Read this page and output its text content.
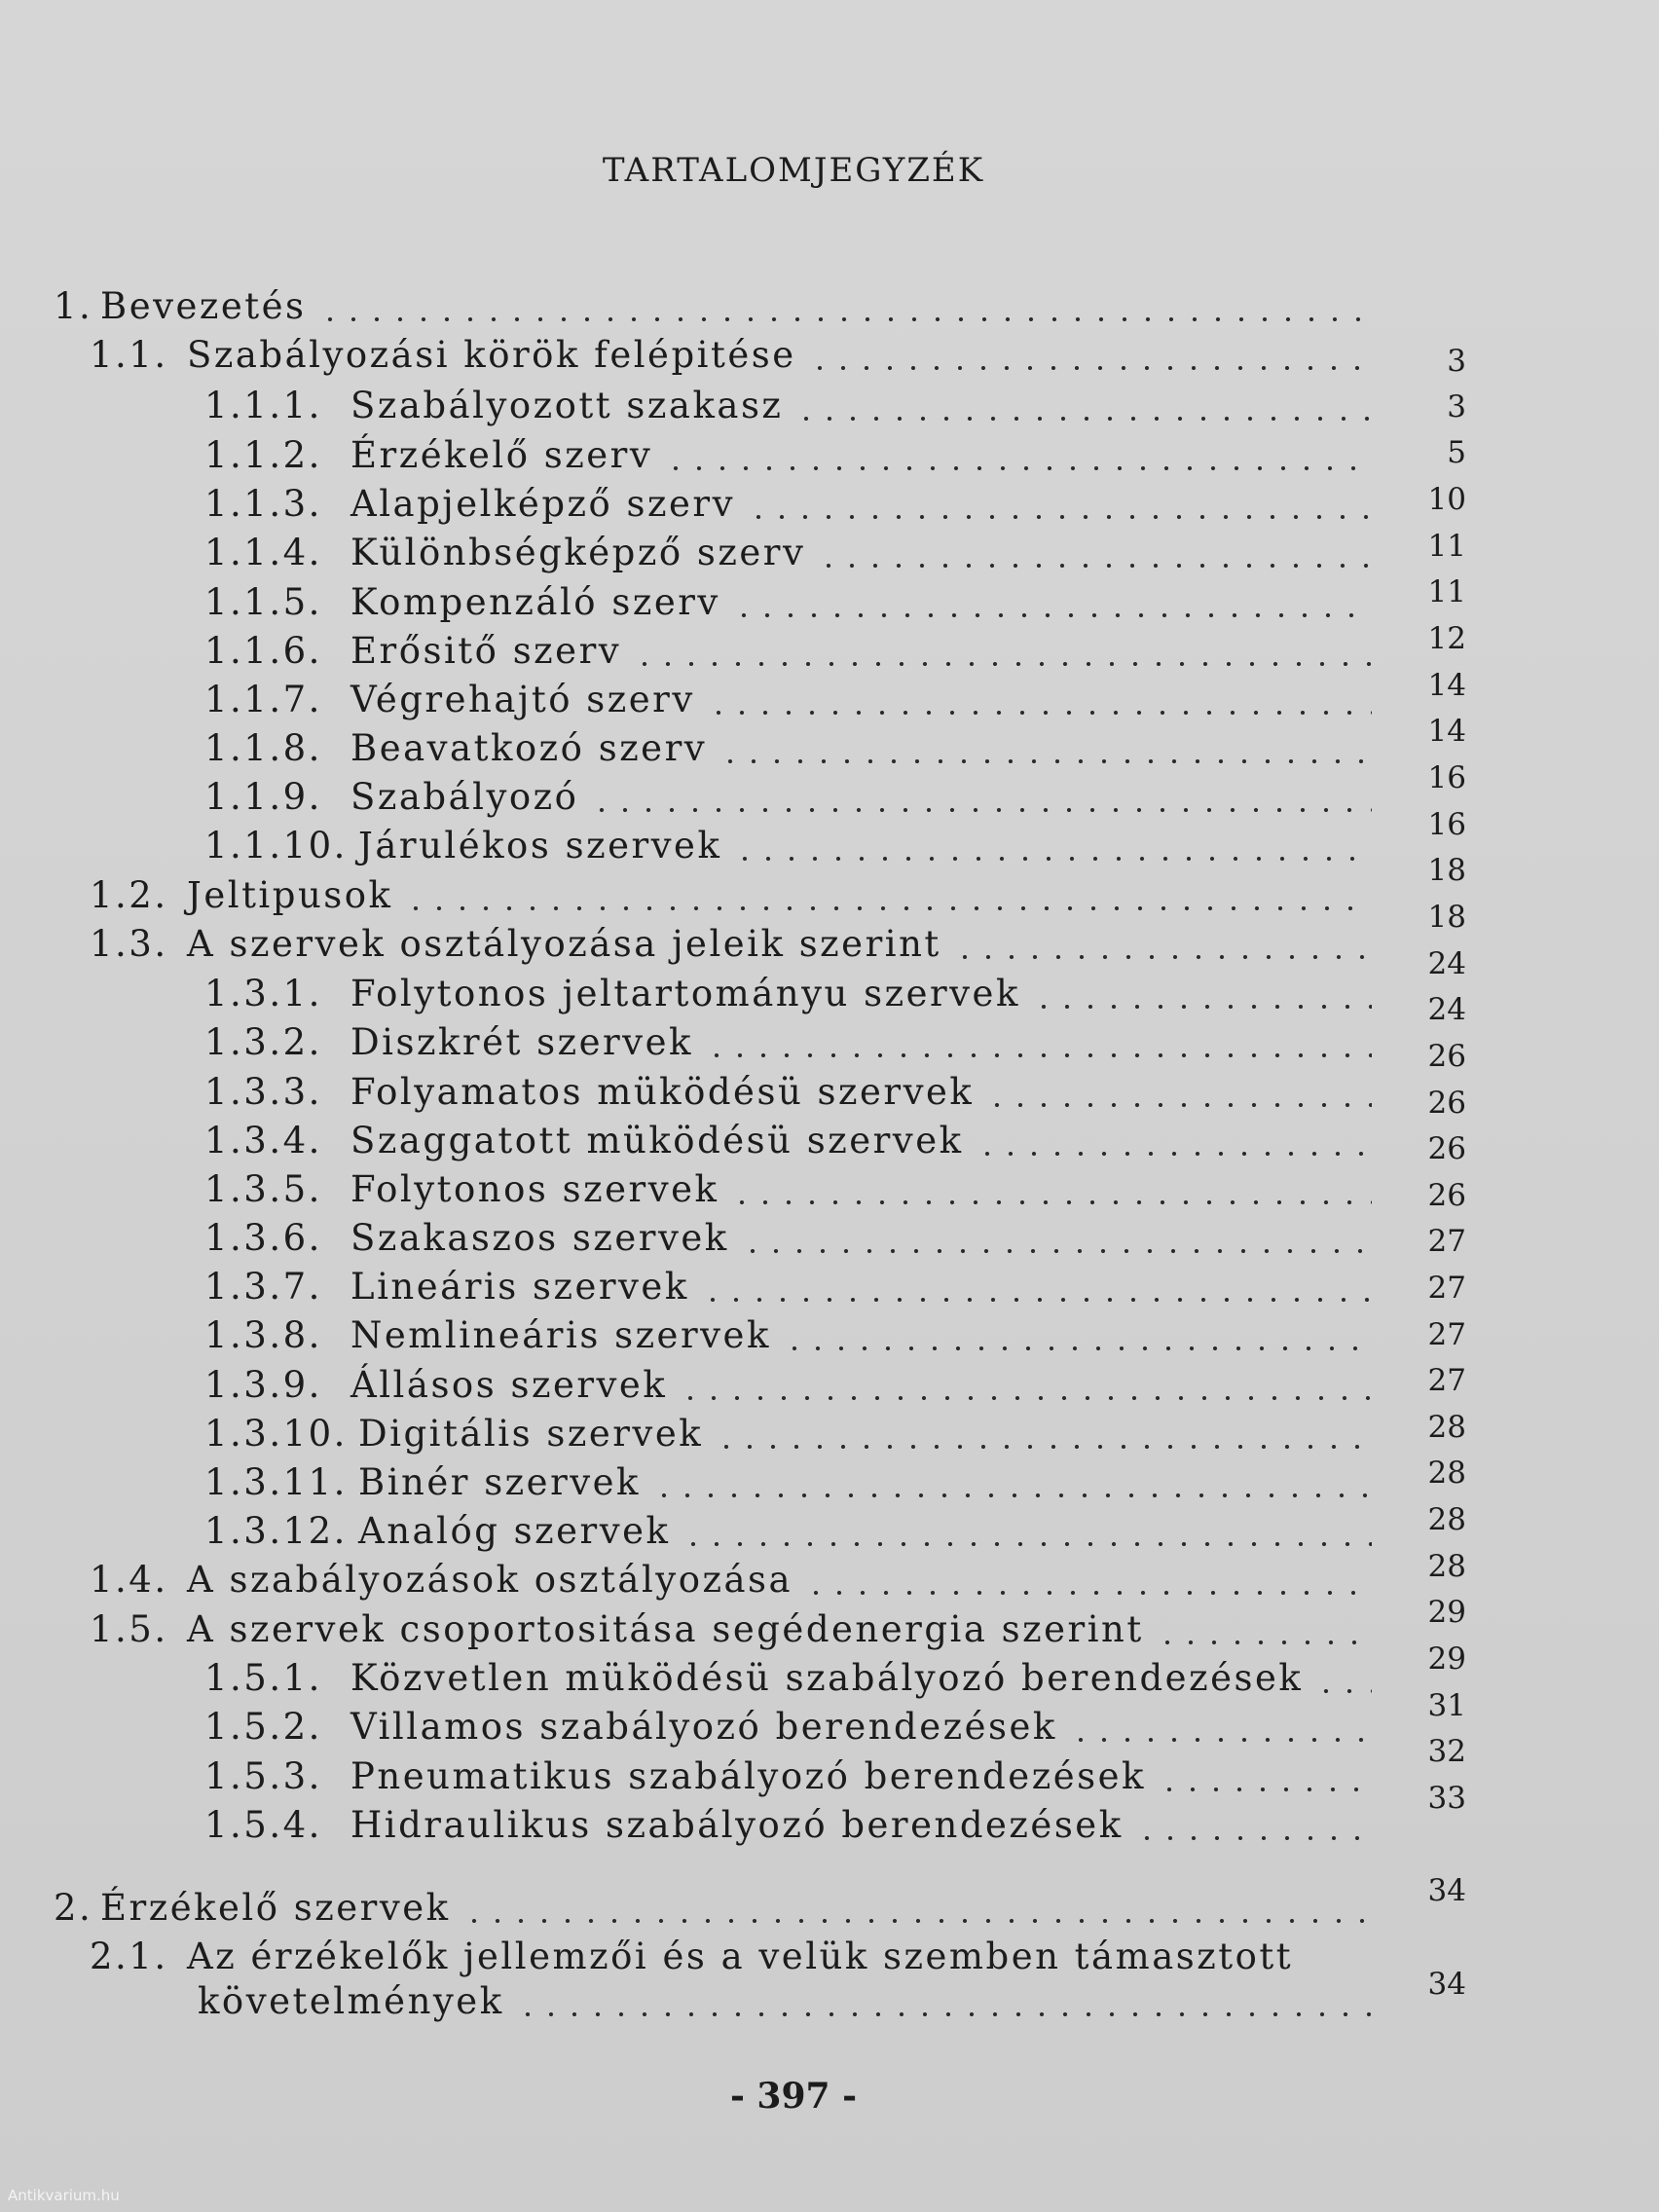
TARTALOMJEGYZÉK
1. Bevezetés
1.1. Szabályozási körök felépitése
1.1.1. Szabályozott szakasz
1.1.2. Érzékelő szerv
1.1.3. Alapjelképző szerv
1.1.4. Különbségképző szerv
1.1.5. Kompenzáló szerv
1.1.6. Erősitő szerv
1.1.7. Végrehajtó szerv
1.1.8. Beavatkozó szerv
1.1.9. Szabályozó
1.1.10. Járulékos szervek
1.2. Jeltipusok
1.3. A szervek osztályozása jeleik szerint
1.3.1. Folytonos jeltartományu szervek
1.3.2. Diszkrét szervek
1.3.3. Folyamatos müködésü szervek
1.3.4. Szaggatott müködésü szervek
1.3.5. Folytonos szervek
1.3.6. Szakaszos szervek
1.3.7. Lineáris szervek
1.3.8. Nemlineáris szervek
1.3.9. Állásos szervek
1.3.10. Digitális szervek
1.3.11. Binér szervek
1.3.12. Analóg szervek
1.4. A szabályozások osztályozása
1.5. A szervek csoportositása segédenergia szerint
1.5.1. Közvetlen müködésü szabályozó berendezések
1.5.2. Villamos szabályozó berendezések
1.5.3. Pneumatikus szabályozó berendezések
1.5.4. Hidraulikus szabályozó berendezések
2. Érzékelő szervek
2.1. Az érzékelők jellemzői és a velük szemben támasztott
követelmények
3
3
5
10
11
11
12
14
14
16
16
18
18
24
24
26
26
26
26
27
27
27
27
28
28
28
28
29
29
31
32
33
34
34
- 397 -
Antikvarium.hu
